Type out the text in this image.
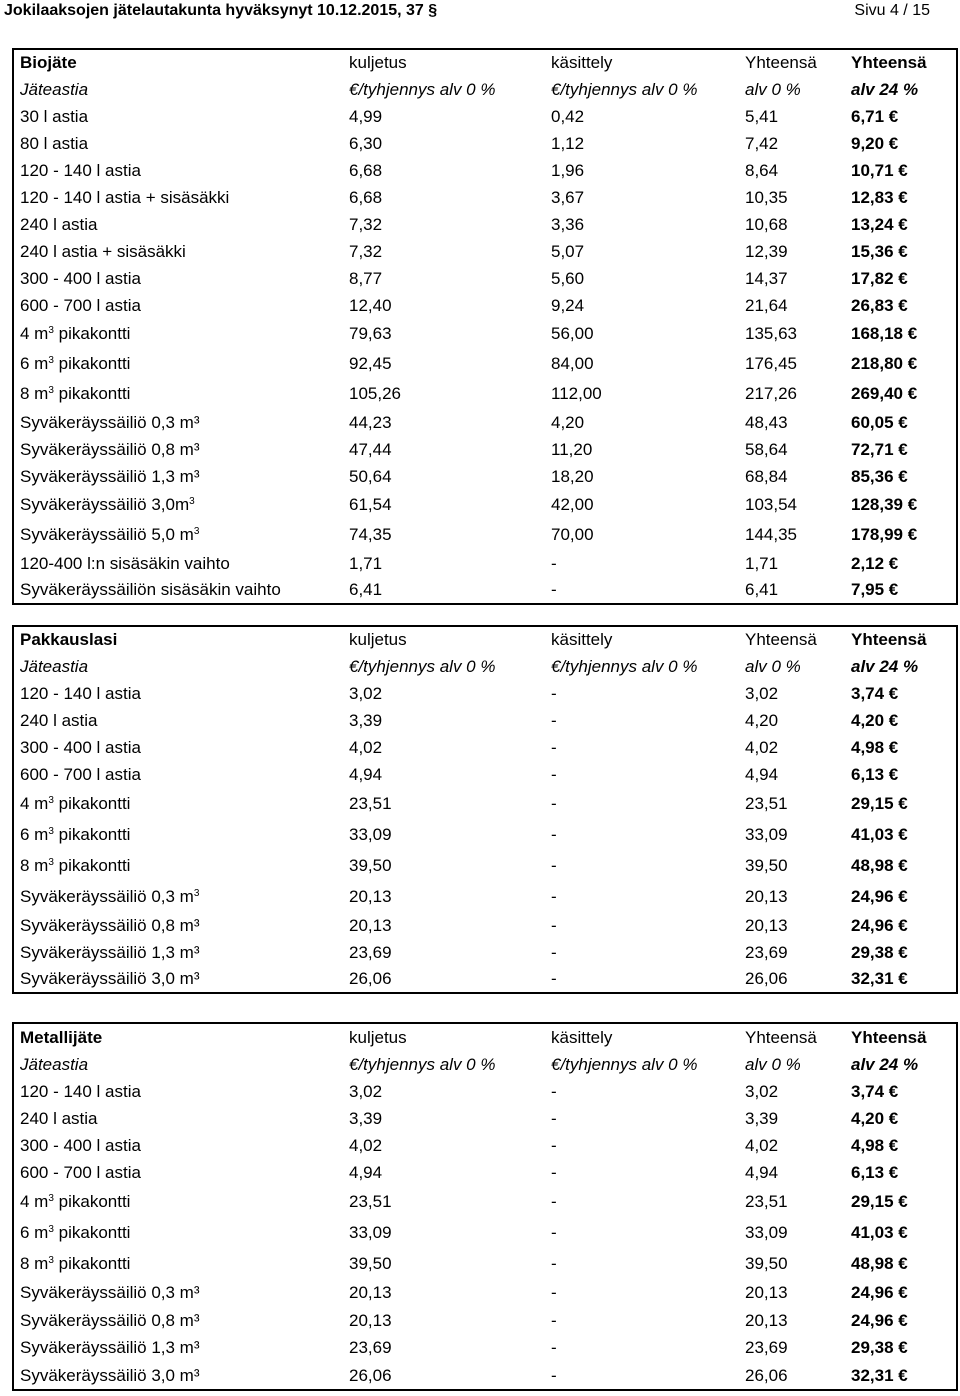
Jokilaaksojen jätelautakunta hyväksynyt 10.12.2015, 37 §	Sivu 4 / 15
Biojäte	kuljetus	käsittely	Yhteensä	Yhteensä
Jäteastia	€/tyhjennys alv 0 %	€/tyhjennys alv 0 %	alv 0 %	alv 24 %
30 l astia	4,99	0,42	5,41	6,71 €
80 l astia	6,30	1,12	7,42	9,20 €
120 - 140 l astia	6,68	1,96	8,64	10,71 €
120 - 140 l astia + sisäsäkki	6,68	3,67	10,35	12,83 €
240 l astia	7,32	3,36	10,68	13,24 €
240 l astia + sisäsäkki	7,32	5,07	12,39	15,36 €
300 - 400 l astia	8,77	5,60	14,37	17,82 €
600 - 700 l astia	12,40	9,24	21,64	26,83 €
4 $m^3$ pikakontti	79,63	56,00	135,63	168,18 €
6 $m^3$ pikakontti	92,45	84,00	176,45	218,80 €
8 $m^3$ pikakontti	105,26	112,00	217,26	269,40 €
Syväkeräyssäiliö 0,3 m³	44,23	4,20	48,43	60,05 €
Syväkeräyssäiliö 0,8 m³	47,44	11,20	58,64	72,71 €
Syväkeräyssäiliö 1,3 m³	50,64	18,20	68,84	85,36 €
Syväkeräyssäiliö $3,0m^3$	61,54	42,00	103,54	128,39 €
Syväkeräyssäiliö 5,0 $m^3$	74,35	70,00	144,35	178,99 €
120-400 l:n sisäsäkin vaihto	1,71	-	1,71	2,12 €
Syväkeräyssäiliön sisäsäkin vaihto	6,41	-	6,41	7,95 €
Pakkauslasi	kuljetus	käsittely	Yhteensä	Yhteensä
Jäteastia	€/tyhjennys alv 0 %	€/tyhjennys alv 0 %	alv 0 %	alv 24 %
120 - 140 l astia	3,02	-	3,02	3,74 €
240 l astia	3,39	-	4,20	4,20 €
300 - 400 l astia	4,02	-	4,02	4,98 €
600 - 700 l astia	4,94	-	4,94	6,13 €
4 $m^3$ pikakontti	23,51	-	23,51	29,15 €
6 $m^3$ pikakontti	33,09	-	33,09	41,03 €
8 $m^3$ pikakontti	39,50	-	39,50	48,98 €
Syväkeräyssäiliö 0,3 $m^3$	20,13	-	20,13	24,96 €
Syväkeräyssäiliö 0,8 m³	20,13	-	20,13	24,96 €
Syväkeräyssäiliö 1,3 m³	23,69	-	23,69	29,38 €
Syväkeräyssäiliö 3,0 m³	26,06	-	26,06	32,31 €
Metallijäte	kuljetus	käsittely	Yhteensä	Yhteensä
Jäteastia	€/tyhjennys alv 0 %	€/tyhjennys alv 0 %	alv 0 %	alv 24 %
120 - 140 l astia	3,02	-	3,02	3,74 €
240 l astia	3,39	-	3,39	4,20 €
300 - 400 l astia	4,02	-	4,02	4,98 €
600 - 700 l astia	4,94	-	4,94	6,13 €
4 $m^3$ pikakontti	23,51	-	23,51	29,15 €
6 $m^3$ pikakontti	33,09	-	33,09	41,03 €
8 $m^3$ pikakontti	39,50	-	39,50	48,98 €
Syväkeräyssäiliö 0,3 m³	20,13	-	20,13	24,96 €
Syväkeräyssäiliö 0,8 m³	20,13	-	20,13	24,96 €
Syväkeräyssäiliö 1,3 m³	23,69	-	23,69	29,38 €
Syväkeräyssäiliö 3,0 m³	26,06	-	26,06	32,31 €
